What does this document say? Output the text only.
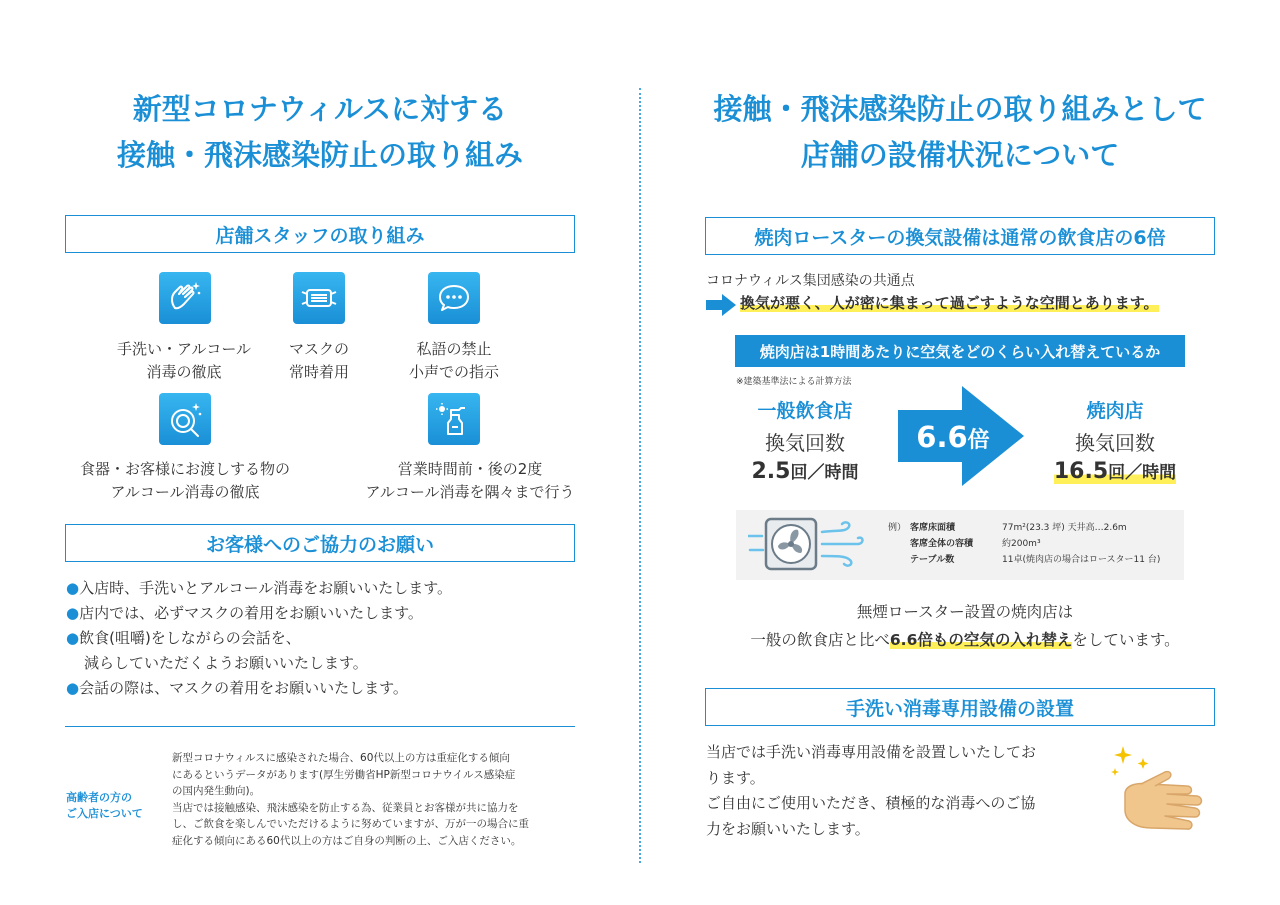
新型コロナウィルスに対する
接触・飛沫感染防止の取り組み
店舗スタッフの取り組み
手洗い・アルコール
消毒の徹底
マスクの
常時着用
私語の禁止
小声での指示
食器・お客様にお渡しする物の
アルコール消毒の徹底
営業時間前・後の2度
アルコール消毒を隅々まで行う
お客様へのご協力のお願い
●入店時、手洗いとアルコール消毒をお願いいたします。
●店内では、必ずマスクの着用をお願いいたします。
●飲食(咀嚼)をしながらの会話を、
減らしていただくようお願いいたします。
●会話の際は、マスクの着用をお願いいたします。
高齢者の方の
ご入店について
新型コロナウィルスに感染された場合、60代以上の方は重症化する傾向
にあるというデータがあります(厚生労働省HP新型コロナウイルス感染症
の国内発生動向)。
当店では接触感染、飛沫感染を防止する為、従業員とお客様が共に協力を
し、ご飲食を楽しんでいただけるように努めていますが、万が一の場合に重
症化する傾向にある60代以上の方はご自身の判断の上、ご入店ください。
接触・飛沫感染防止の取り組みとして
店舗の設備状況について
焼肉ロースターの換気設備は通常の飲食店の6倍
コロナウィルス集団感染の共通点
換気が悪く、人が密に集まって過ごすような空間とあります。
焼肉店は1時間あたりに空気をどのくらい入れ替えているか
※建築基準法による計算方法
一般飲食店
換気回数
2.5回／時間
6.6倍
焼肉店
換気回数
16.5回／時間
例） 客席床面積	77m²(23.3 坪) 天井高…2.6m
客席全体の容積	約200m³
テーブル数	11卓(焼肉店の場合はロースター11 台)
無煙ロースター設置の焼肉店は
一般の飲食店と比べ6.6倍もの空気の入れ替えをしています。
手洗い消毒専用設備の設置
当店では手洗い消毒専用設備を設置しいたしてお
ります。
ご自由にご使用いただき、積極的な消毒へのご協
力をお願いいたします。
